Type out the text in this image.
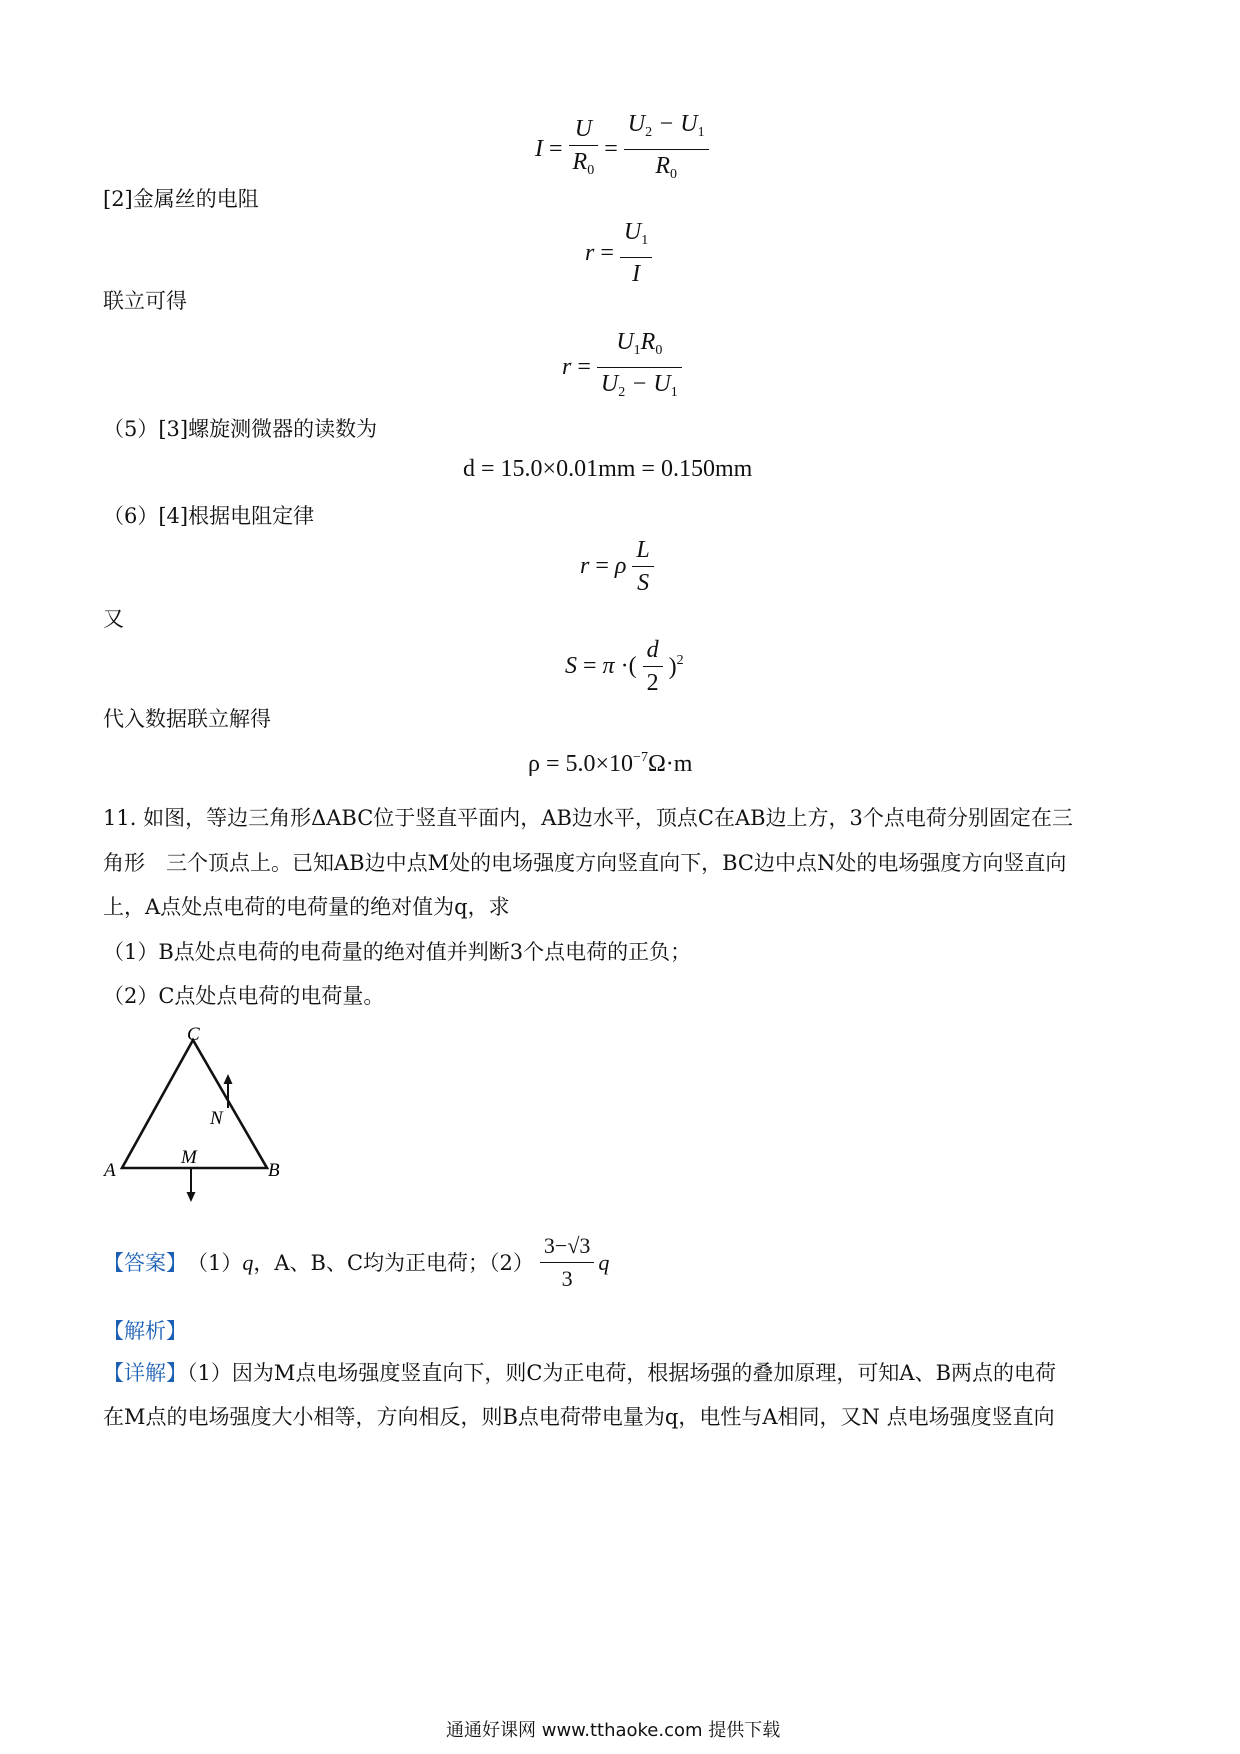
$I = \frac{U}{R_0} = \frac{U_2 - U_1}{R_0}$
[2]金属丝的电阻
$r = \frac{U_1}{I}$
联立可得
$r = \frac{U_1R_0}{U_2 - U_1}$
（5）[3]螺旋测微器的读数为
d = 15.0×0.01mm = 0.150mm
（6）[4]根据电阻定律
r = ρ $\frac{L}{S}$
又
S = π ·( $\frac{d}{2} )^2$
代入数据联立解得
$\rho = 5.0\times 10^{-7}\Omega\cdot m$
11. 如图，等边三角形ΔABC位于竖直平面内，AB边水平，顶点C在AB边上方，3个点电荷分别固定在三
角形　三个顶点上。已知AB边中点M处的电场强度方向竖直向下，BC边中点N处的电场强度方向竖直向
上，A点处点电荷的电荷量的绝对值为q，求
（1）B点处点电荷的电荷量的绝对值并判断3个点电荷的正负；
（2）C点处点电荷的电荷量。
C
N
M
A	B
【答案】 （1） q ，A、B、C均为正电荷；$(2) \frac{3-√3}{3}$ q
【解析】
【详解】（1）因为M点电场强度竖直向下，则C为正电荷，根据场强的叠加原理，可知A、B两点的电荷
在M点的电场强度大小相等，方向相反，则B点电荷带电量为q，电性与A相同，又N 点电场强度竖直向
通通好课网 www.tthaoke.com 提供下载
